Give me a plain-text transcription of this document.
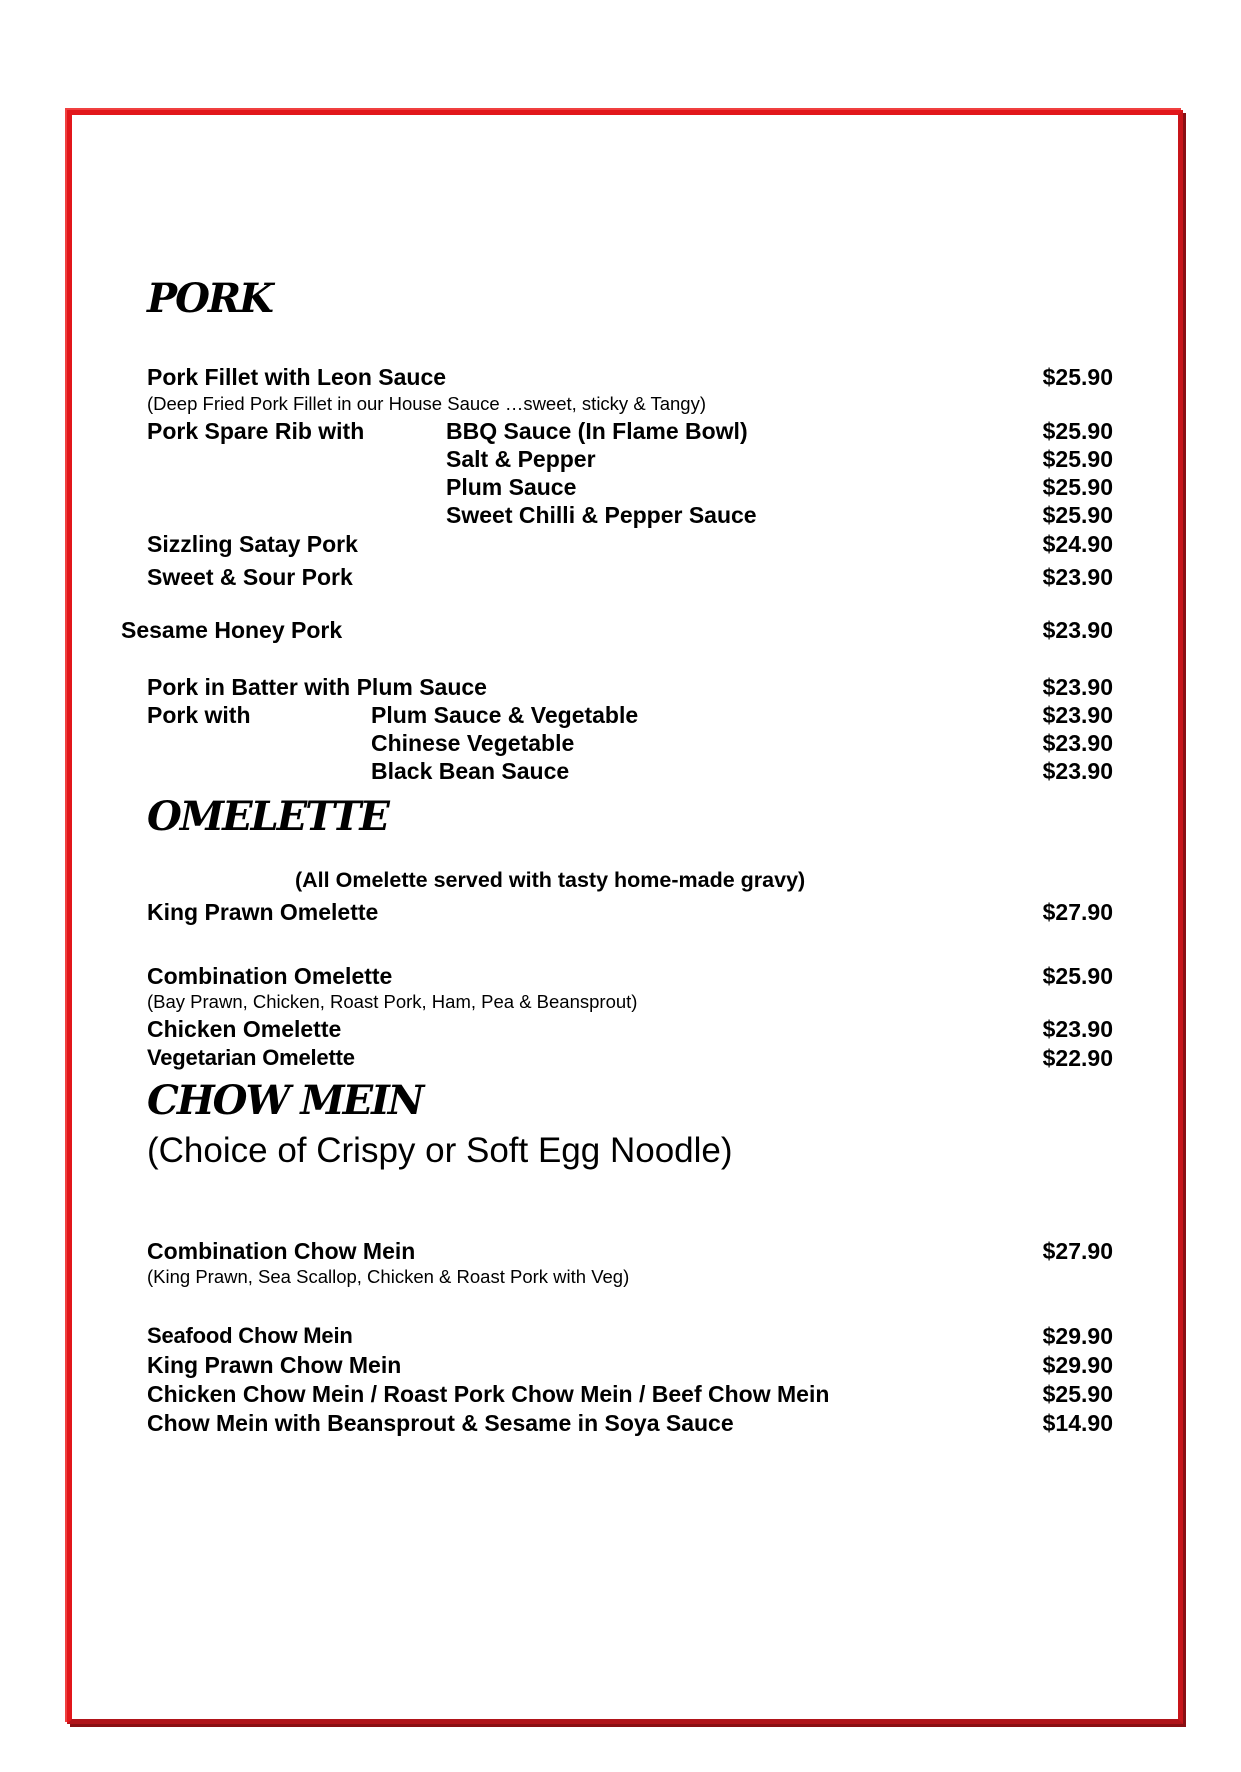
PORK
Pork Fillet with Leon Sauce	$25.90
(Deep Fried Pork Fillet in our House Sauce …sweet, sticky & Tangy)
Pork Spare Rib with	BBQ Sauce (In Flame Bowl)	$25.90
Salt & Pepper	$25.90
Plum Sauce	$25.90
Sweet Chilli & Pepper Sauce	$25.90
Sizzling Satay Pork	$24.90
Sweet & Sour Pork	$23.90
Sesame Honey Pork	$23.90
Pork in Batter with Plum Sauce	$23.90
Pork with	Plum Sauce & Vegetable	$23.90
Chinese Vegetable	$23.90
Black Bean Sauce	$23.90
OMELETTE
(All Omelette served with tasty home-made gravy)
King Prawn Omelette	$27.90
Combination Omelette	$25.90
(Bay Prawn, Chicken, Roast Pork, Ham, Pea & Beansprout)
Chicken Omelette	$23.90
Vegetarian Omelette	$22.90
CHOW MEIN
(Choice of Crispy or Soft Egg Noodle)
Combination Chow Mein	$27.90
(King Prawn, Sea Scallop, Chicken & Roast Pork with Veg)
Seafood Chow Mein	$29.90
King Prawn Chow Mein	$29.90
Chicken Chow Mein / Roast Pork Chow Mein / Beef Chow Mein	$25.90
Chow Mein with Beansprout & Sesame in Soya Sauce	$14.90
